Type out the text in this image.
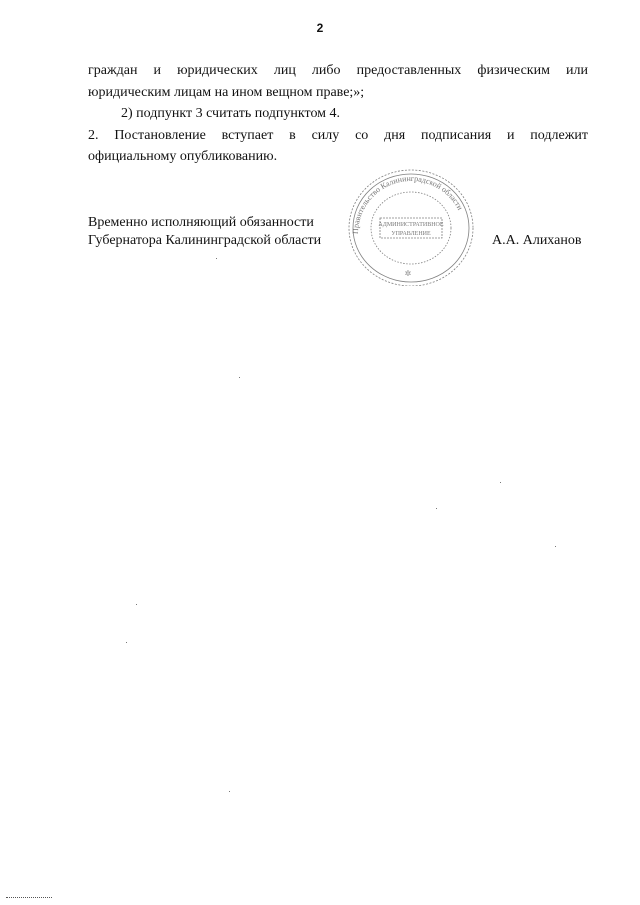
2

граждан и юридических лиц либо предоставленных физическим или
юридическим лицам на ином вещном праве;»;

2) подпункт 3 считать подпунктом 4.

2. Постановление вступает в силу со дня подписания и подлежит

официальному опубликованию.

Временно исполняющий обязанности
Губернатора Калининградской области
Правительство Калининградской области
АДМИНИСТРАТИВНОЕ
УПРАВЛЕНИЕ
✲
А.А. Алиханов
